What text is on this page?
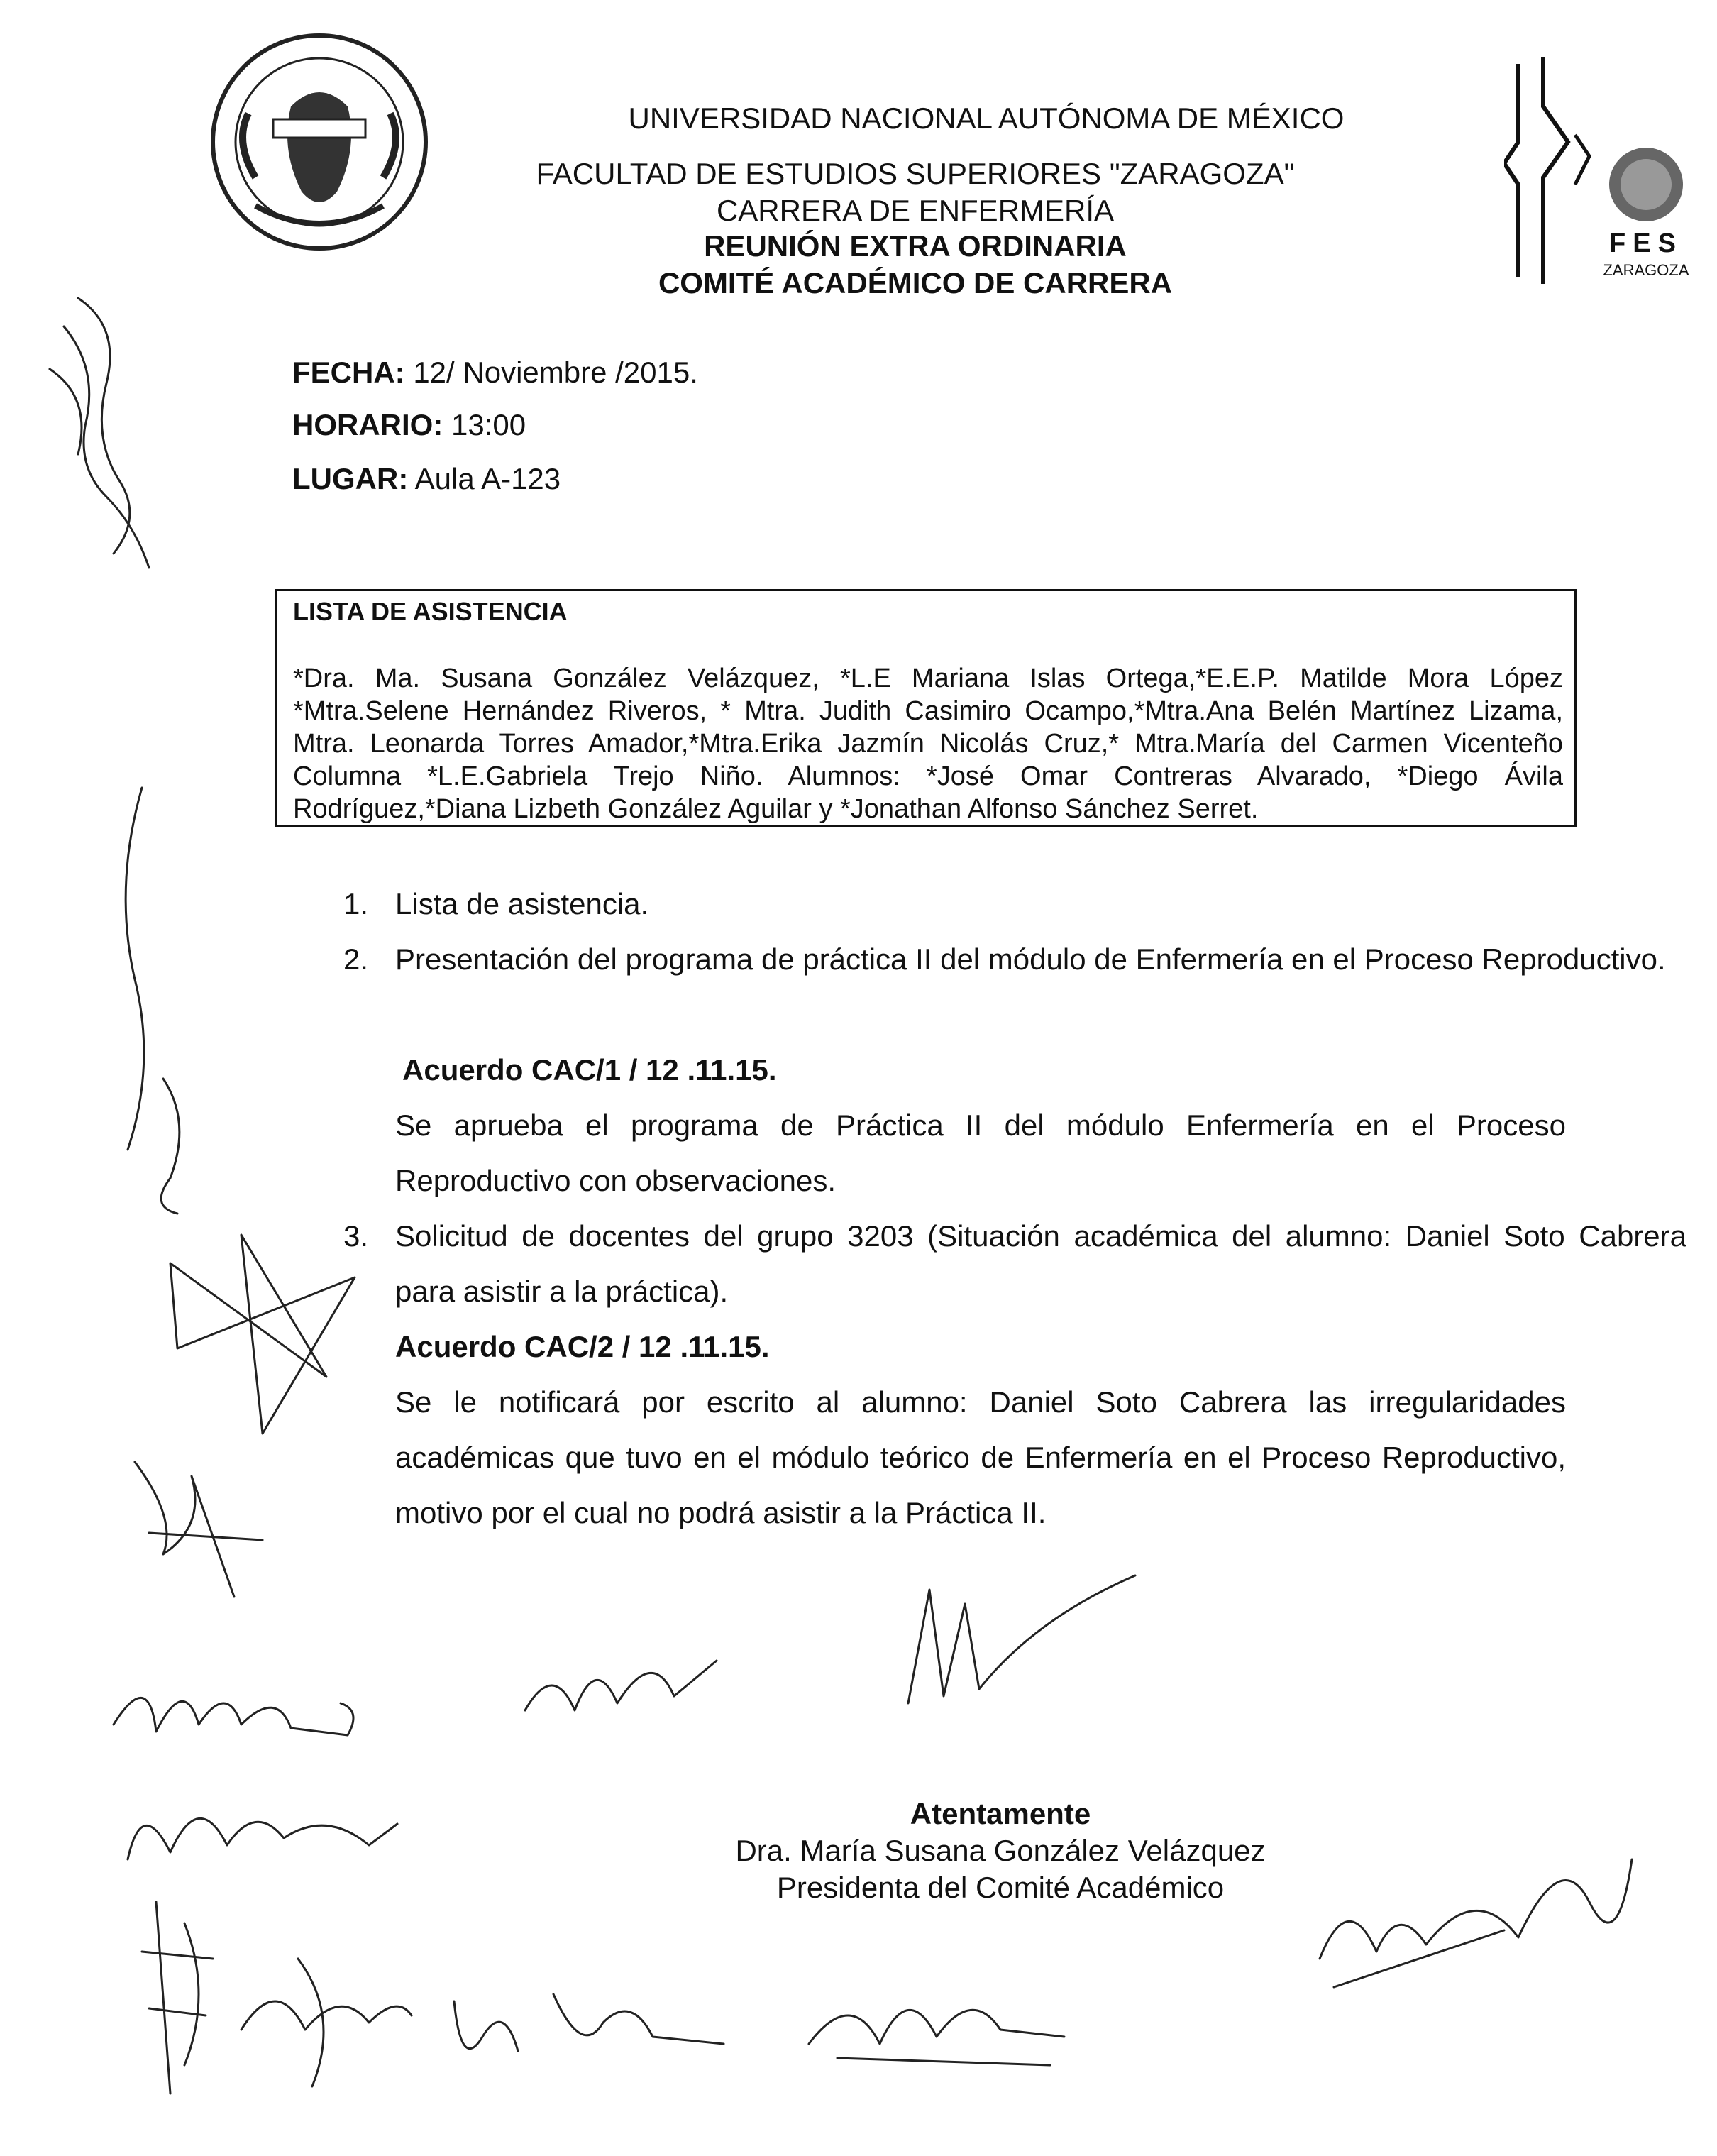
FES
ZARAGOZA
UNIVERSIDAD NACIONAL AUTÓNOMA DE MÉXICO
FACULTAD DE ESTUDIOS SUPERIORES "ZARAGOZA"
CARRERA DE ENFERMERÍA
REUNIÓN EXTRA ORDINARIA
COMITÉ ACADÉMICO DE CARRERA
FECHA: 12/ Noviembre /2015.
HORARIO: 13:00
LUGAR: Aula A-123
LISTA DE ASISTENCIA
*Dra. Ma. Susana González Velázquez, *L.E Mariana Islas Ortega,*E.E.P. Matilde Mora López *Mtra.Selene Hernández Riveros, * Mtra. Judith Casimiro Ocampo,*Mtra.Ana Belén Martínez Lizama, Mtra. Leonarda Torres Amador,*Mtra.Erika Jazmín Nicolás Cruz,* Mtra.María del Carmen Vicenteño Columna *L.E.Gabriela Trejo Niño. Alumnos: *José Omar Contreras Alvarado, *Diego Ávila Rodríguez,*Diana Lizbeth González Aguilar y *Jonathan Alfonso Sánchez Serret.
1. Lista de asistencia.
2. Presentación del programa de práctica II del módulo de Enfermería en el Proceso Reproductivo.
Acuerdo CAC/1 / 12 .11.15.
Se aprueba el programa de Práctica II del módulo Enfermería en el Proceso Reproductivo con observaciones.
3. Solicitud de docentes del grupo 3203 (Situación académica del alumno: Daniel Soto Cabrera para asistir a la práctica).
Acuerdo CAC/2 / 12 .11.15.
Se le notificará por escrito al alumno: Daniel Soto Cabrera las irregularidades académicas que tuvo en el módulo teórico de Enfermería en el Proceso Reproductivo, motivo por el cual no podrá asistir a la Práctica II.
Atentamente
Dra. María Susana González Velázquez
Presidenta del Comité Académico
